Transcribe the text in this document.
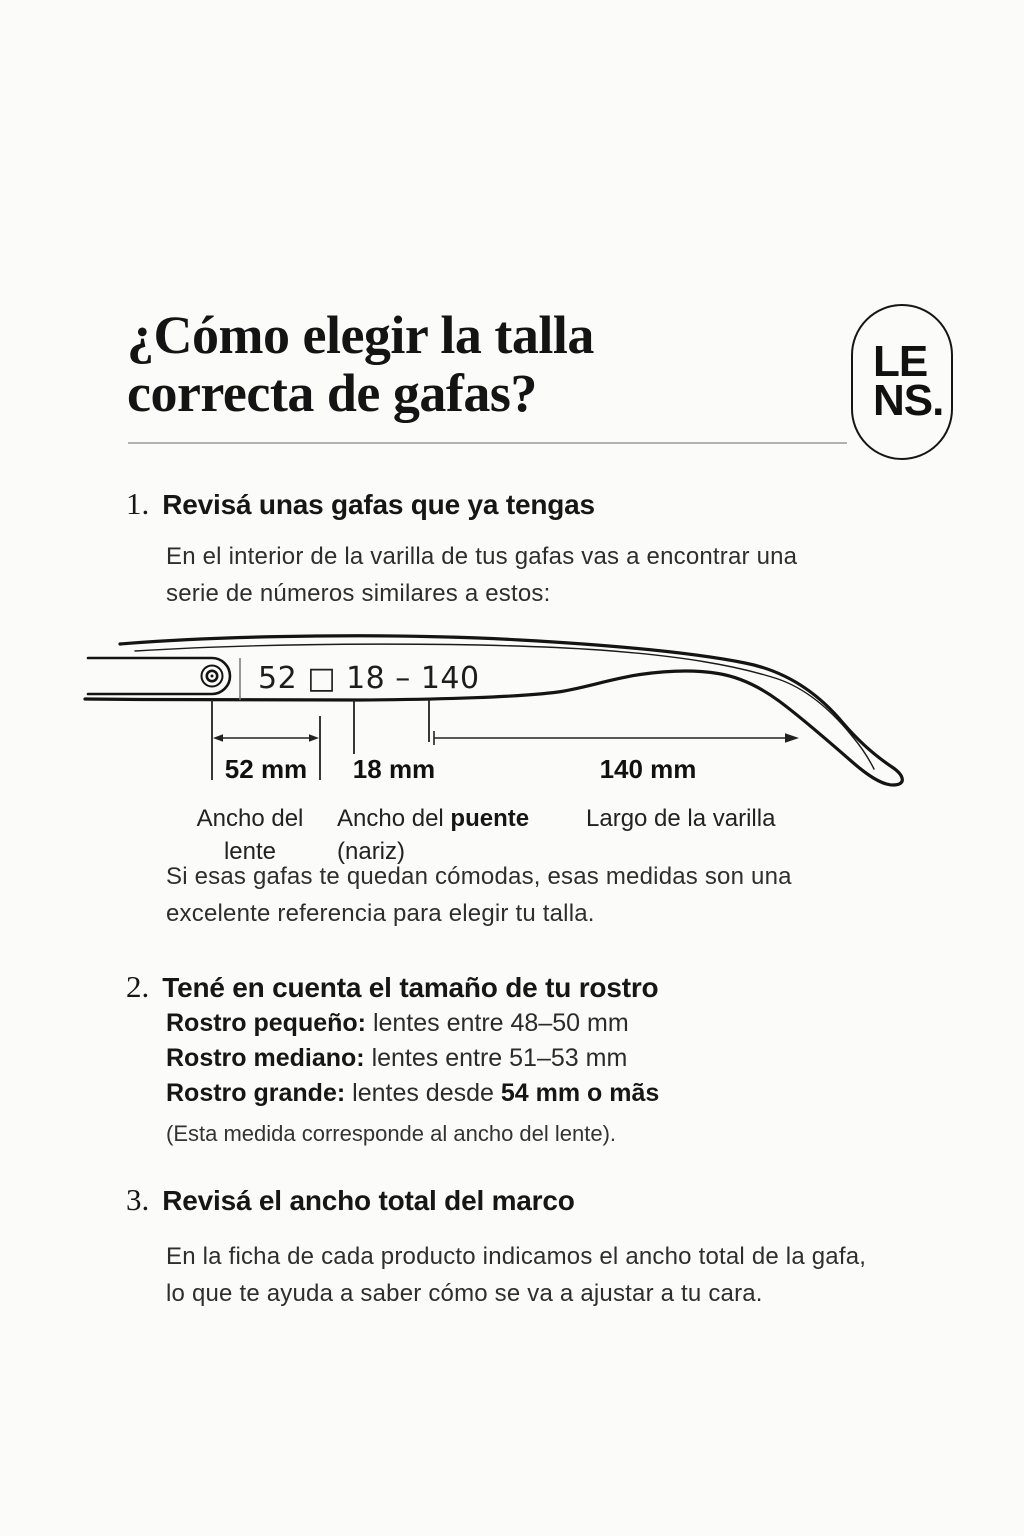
¿Cómo elegir la talla
correcta de gafas?
LE
NS.
1. Revisá unas gafas que ya tengas
En el interior de la varilla de tus gafas vas a encontrar una
serie de números similares a estos:
52 □ 18 – 140
52 mm 18 mm	140 mm
Ancho del
lente
Ancho del puente
(nariz)
Largo de la varilla
Si esas gafas te quedan cómodas, esas medidas son una
excelente referencia para elegir tu talla.
2. Tené en cuenta el tamaño de tu rostro
Rostro pequeño: lentes entre 48–50 mm
Rostro mediano: lentes entre 51–53 mm
Rostro grande: lentes desde 54 mm o mãs
(Esta medida corresponde al ancho del lente).
3. Revisá el ancho total del marco
En la ficha de cada producto indicamos el ancho total de la gafa,
lo que te ayuda a saber cómo se va a ajustar a tu cara.
